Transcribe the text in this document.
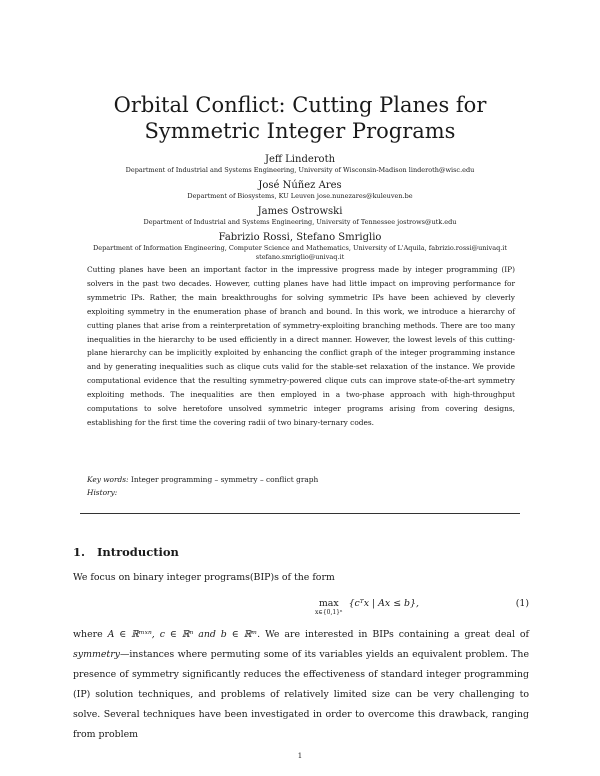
Orbital Conflict: Cutting Planes for Symmetric Integer Programs
Jeff Linderoth
Department of Industrial and Systems Engineering, University of Wisconsin-Madison linderoth@wisc.edu
José Núñez Ares
Department of Biosystems, KU Leuven jose.nunezares@kuleuven.be
James Ostrowski
Department of Industrial and Systems Engineering, University of Tennessee jostrows@utk.edu
Fabrizio Rossi, Stefano Smriglio
Department of Information Engineering, Computer Science and Mathematics, University of L'Aquila, fabrizio.rossi@univaq.it stefano.smriglio@univaq.it

Cutting planes have been an important factor in the impressive progress made by integer programming (IP) solvers in the past two decades. However, cutting planes have had little impact on improving performance for symmetric IPs. Rather, the main breakthroughs for solving symmetric IPs have been achieved by cleverly exploiting symmetry in the enumeration phase of branch and bound. In this work, we introduce a hierarchy of cutting planes that arise from a reinterpretation of symmetry-exploiting branching methods. There are too many inequalities in the hierarchy to be used efficiently in a direct manner. However, the lowest levels of this cutting-plane hierarchy can be implicitly exploited by enhancing the conflict graph of the integer programming instance and by generating inequalities such as clique cuts valid for the stable-set relaxation of the instance. We provide computational evidence that the resulting symmetry-powered clique cuts can improve state-of-the-art symmetry exploiting methods. The inequalities are then employed in a two-phase approach with high-throughput computations to solve heretofore unsolved symmetric integer programs arising from covering designs, establishing for the first time the covering radii of two binary-ternary codes.

Key words: Integer programming – symmetry – conflict graph
History:
1. Introduction

We focus on binary integer programs(BIP)s of the form

max
x∈{0,1}ⁿ
{cᵀx | Ax ≤ b},	(1)

where A ∈ ℝᵐˣⁿ, c ∈ ℝⁿ and b ∈ ℝᵐ. We are interested in BIPs containing a great deal of symmetry—instances where permuting some of its variables yields an equivalent problem. The presence of symmetry significantly reduces the effectiveness of standard integer programming (IP) solution techniques, and problems of relatively limited size can be very challenging to solve. Several techniques have been investigated in order to overcome this drawback, ranging from problem

1
